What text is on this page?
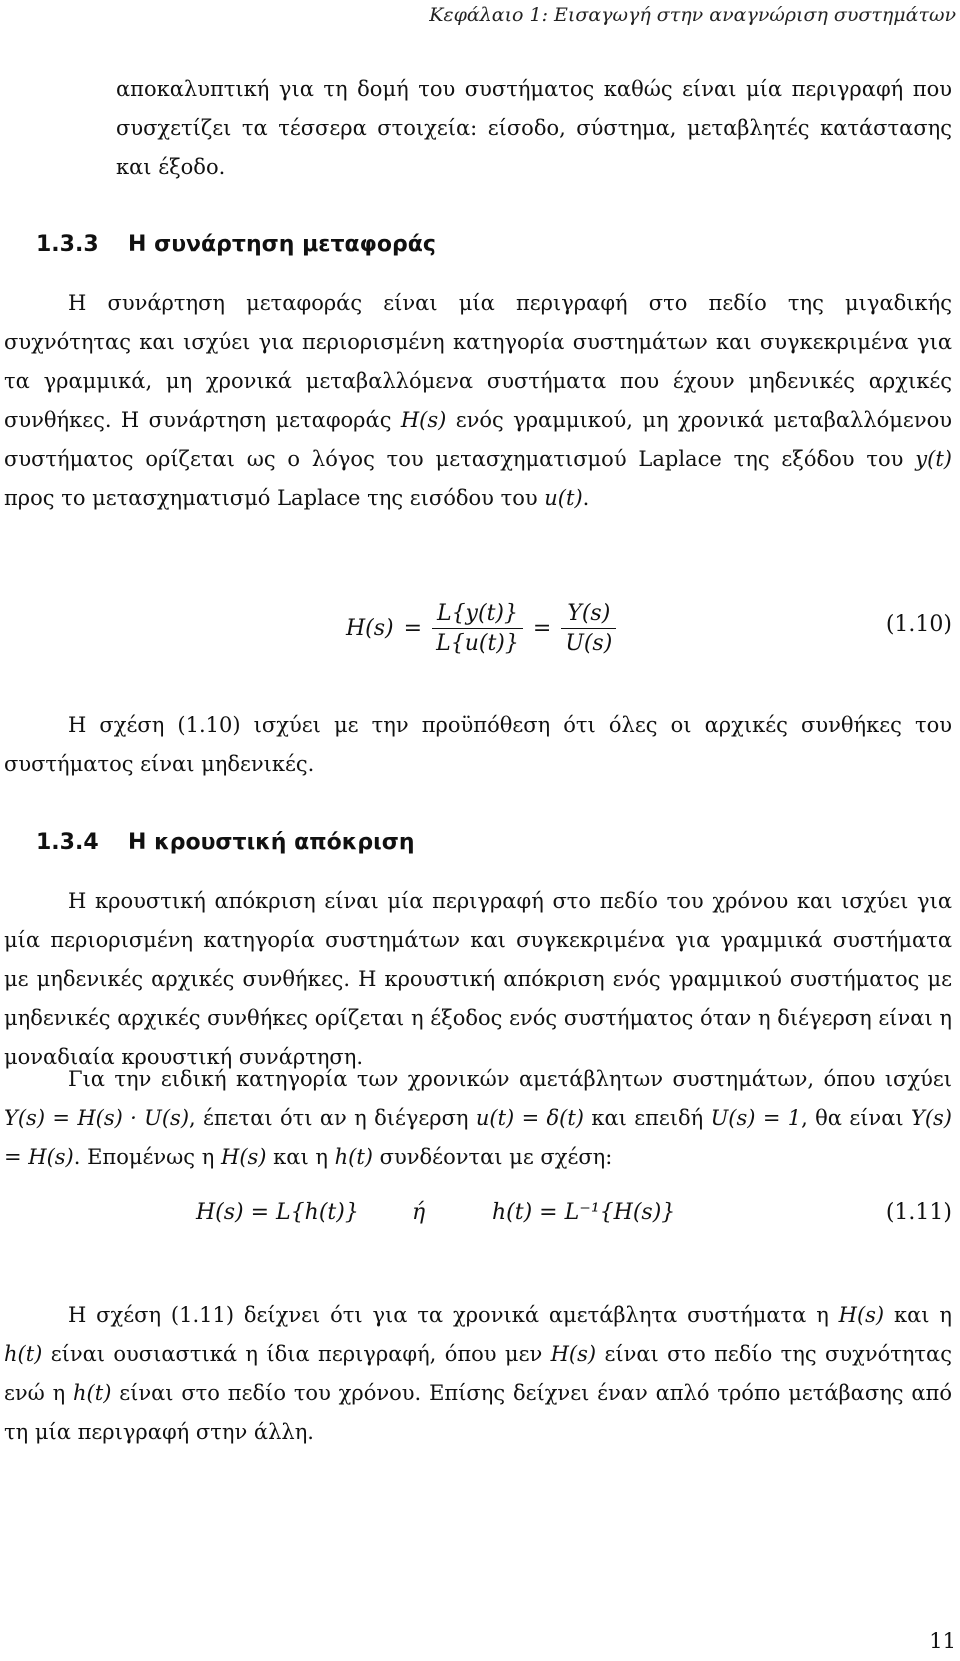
Κεφάλαιο 1: Εισαγωγή στην αναγνώριση συστημάτων

αποκαλυπτική για τη δομή του συστήματος καθώς είναι μία περιγραφή που συσχετίζει τα τέσσερα στοιχεία: είσοδο, σύστημα, μεταβλητές κατάστασης και έξοδο.

1.3.3 Η συνάρτηση μεταφοράς

Η συνάρτηση μεταφοράς είναι μία περιγραφή στο πεδίο της μιγαδικής συχνότητας και ισχύει για περιορισμένη κατηγορία συστημάτων και συγκεκριμένα για τα γραμμικά, μη χρονικά μεταβαλλόμενα συστήματα που έχουν μηδενικές αρχικές συνθήκες. Η συνάρτηση μεταφοράς H(s) ενός γραμμικού, μη χρονικά μεταβαλλόμενου συστήματος ορίζεται ως ο λόγος του μετασχηματισμού Laplace της εξόδου του y(t) προς το μετασχηματισμό Laplace της εισόδου του u(t).

$H(s) = \frac{L\{y(t)\}}{L\{u(t)\}} = \frac{Y(s)}{U(s)}$	(1.10)

Η σχέση (1.10) ισχύει με την προϋπόθεση ότι όλες οι αρχικές συνθήκες του συστήματος είναι μηδενικές.

1.3.4 Η κρουστική απόκριση

Η κρουστική απόκριση είναι μία περιγραφή στο πεδίο του χρόνου και ισχύει για μία περιορισμένη κατηγορία συστημάτων και συγκεκριμένα για γραμμικά συστήματα με μηδενικές αρχικές συνθήκες. Η κρουστική απόκριση ενός γραμμικού συστήματος με μηδενικές αρχικές συνθήκες ορίζεται η έξοδος ενός συστήματος όταν η διέγερση είναι η μοναδιαία κρουστική συνάρτηση.

Για την ειδική κατηγορία των χρονικών αμετάβλητων συστημάτων, όπου ισχύει Y(s) = H(s) · U(s), έπεται ότι αν η διέγερση u(t) = δ(t) και επειδή U(s) = 1, θα είναι Y(s) = H(s). Επομένως η H(s) και η h(t) συνδέονται με σχέση:

H(s) = L{h(t)} ή	h(t) = L⁻¹{H(s)}	(1.11)

Η σχέση (1.11) δείχνει ότι για τα χρονικά αμετάβλητα συστήματα η H(s) και η h(t) είναι ουσιαστικά η ίδια περιγραφή, όπου μεν H(s) είναι στο πεδίο της συχνότητας ενώ η h(t) είναι στο πεδίο του χρόνου. Επίσης δείχνει έναν απλό τρόπο μετάβασης από τη μία περιγραφή στην άλλη.

11
